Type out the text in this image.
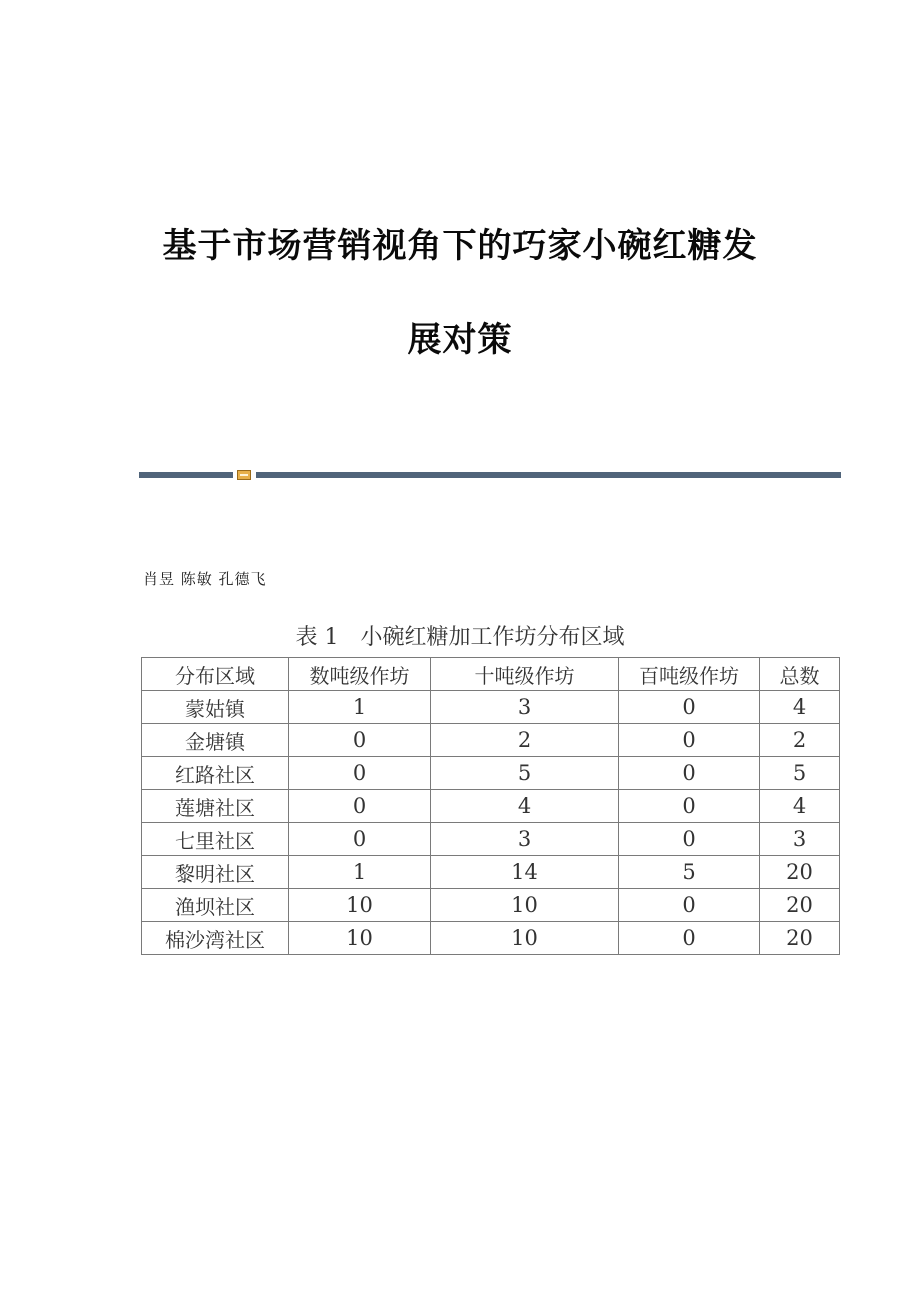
基于市场营销视角下的巧家小碗红糖发
展对策
肖昱 陈敏 孔德飞
表 1　小碗红糖加工作坊分布区域
分布区域	数吨级作坊	十吨级作坊	百吨级作坊	总数
蒙姑镇	1	3	0	4
金塘镇	0	2	0	2
红路社区	0	5	0	5
莲塘社区	0	4	0	4
七里社区	0	3	0	3
黎明社区	1	14	5	20
渔坝社区	10	10	0	20
棉沙湾社区	10	10	0	20
